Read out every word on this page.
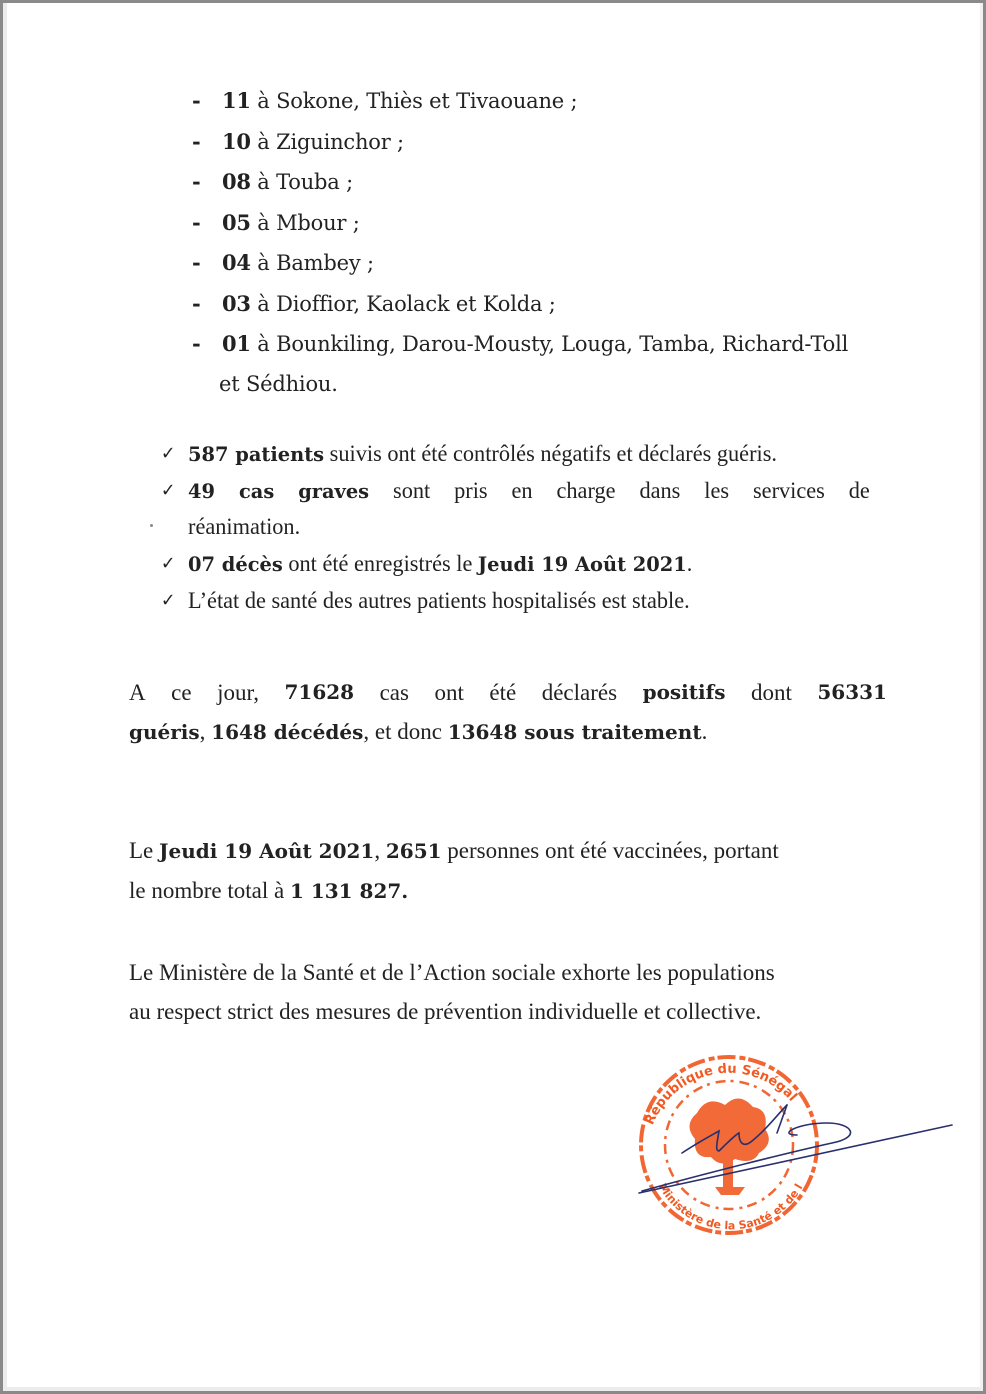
- 11 à Sokone, Thiès et Tivaouane ;
- 10 à Ziguinchor ;
- 08 à Touba ;
- 05 à Mbour ;
- 04 à Bambey ;
- 03 à Dioffior, Kaolack et Kolda ;
- 01 à Bounkiling, Darou-Mousty, Louga, Tamba, Richard-Toll
et Sédhiou.
✓ 587 patients suivis ont été contrôlés négatifs et déclarés guéris.
✓ 49 cas graves sont pris en charge dans les services de
réanimation.
✓ 07 décès ont été enregistrés le Jeudi 19 Août 2021.
✓ L’état de santé des autres patients hospitalisés est stable.
A ce jour, 71628 cas ont été déclarés positifs dont 56331
guéris, 1648 décédés, et donc 13648 sous traitement.
Le Jeudi 19 Août 2021, 2651 personnes ont été vaccinées, portant
le nombre total à 1 131 827.
Le Ministère de la Santé et de l’Action sociale exhorte les populations
au respect strict des mesures de prévention individuelle et collective.
République du Sénégal
Ministère de la Santé et de l
